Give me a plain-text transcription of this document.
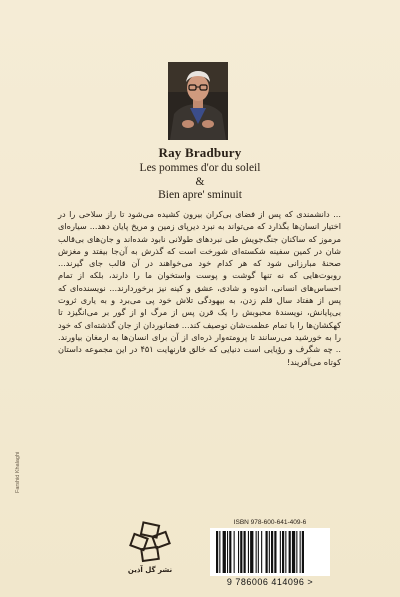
Ray Bradbury
Les pommes d'or du soleil
&
Bien apre' sminuit
... دانشمندی که پس از فضای بی‌کران بیرون کشیده می‌شود تا راز سلاحی را در اختیار انسان‌ها بگذارد که می‌تواند به نبرد دیرپای زمین و مریخ پایان دهد... سیاره‌ای مرموز که ساکنان جنگ‌جویش طی نبردهای طولانی نابود شده‌اند و جان‌های بی‌قالب شان در کمین سفینه شکسته‌ای شورخت است که گذرش به آن‌جا بیفتد و مغزش صحنهٔ مبارزانی شود که هر کدام خود می‌خواهند در آن قالب جای گیرند... روبوت‌هایی که نه تنها گوشت و پوست واستخوان ما را دارند، بلکه از تمام احساس‌های انسانی، اندوه و شادی، عشق و کینه نیز برخوردارند... نویسنده‌ای که پس از هفتاد سال قلم زدن، به بیهودگی تلاش خود پی می‌برد و به یاری ثروت بی‌پایانش، نویسندهٔ محبوبش را یک قرن پس از مرگ او از گور بر می‌انگیزد تا کهکشان‌ها را با تمام عظمت‌شان توصیف کند... فضانوردان از جان گذشته‌ای که خود را به خورشید می‌رسانند تا پرومته‌وار ذره‌ای از آن برای انسان‌ها به ارمغان بیاورند. .. چه شگرف و رؤیایی است دنیایی که خالق فارنهایت ۴۵۱ در این مجموعه داستان کوتاه می‌آفریند!
Farshid Khalaghi
نشر گل آذین
ISBN 978-600-641-409-6
9 786006 414096 >
